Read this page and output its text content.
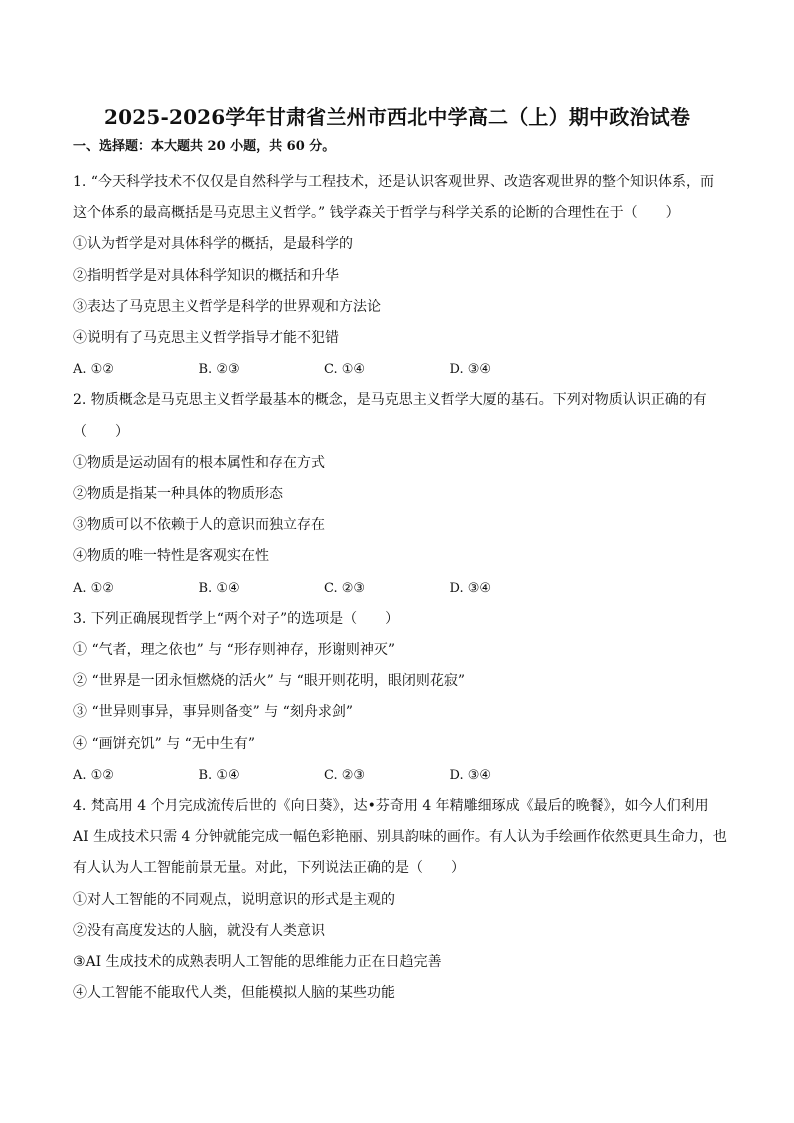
2025-2026学年甘肃省兰州市西北中学高二（上）期中政治试卷
一、选择题：本大题共 20 小题，共 60 分。
1. “今天科学技术不仅仅是自然科学与工程技术，还是认识客观世界、改造客观世界的整个知识体系，而
这个体系的最高概括是马克思主义哲学。” 钱学森关于哲学与科学关系的论断的合理性在于（　　）
①认为哲学是对具体科学的概括，是最科学的
②指明哲学是对具体科学知识的概括和升华
③表达了马克思主义哲学是科学的世界观和方法论
④说明有了马克思主义哲学指导才能不犯错
A. ①②	B. ②③	C. ①④	D. ③④
2. 物质概念是马克思主义哲学最基本的概念，是马克思主义哲学大厦的基石。下列对物质认识正确的有
（　　）
①物质是运动固有的根本属性和存在方式
②物质是指某一种具体的物质形态
③物质可以不依赖于人的意识而独立存在
④物质的唯一特性是客观实在性
A. ①②	B. ①④	C. ②③	D. ③④
3. 下列正确展现哲学上“两个对子”的选项是（　　）
① “气者，理之依也” 与 “形存则神存，形谢则神灭”
② “世界是一团永恒燃烧的活火” 与 “眼开则花明，眼闭则花寂”
③ “世异则事异，事异则备变” 与 “刻舟求剑”
④ “画饼充饥” 与 “无中生有”
A. ①②	B. ①④	C. ②③	D. ③④
4. 梵高用 4 个月完成流传后世的《向日葵》，达•芬奇用 4 年精雕细琢成《最后的晚餐》，如今人们利用
AI 生成技术只需 4 分钟就能完成一幅色彩艳丽、别具韵味的画作。有人认为手绘画作依然更具生命力，也
有人认为人工智能前景无量。对此，下列说法正确的是（　　）
①对人工智能的不同观点，说明意识的形式是主观的
②没有高度发达的人脑，就没有人类意识
③AI 生成技术的成熟表明人工智能的思维能力正在日趋完善
④人工智能不能取代人类，但能模拟人脑的某些功能
